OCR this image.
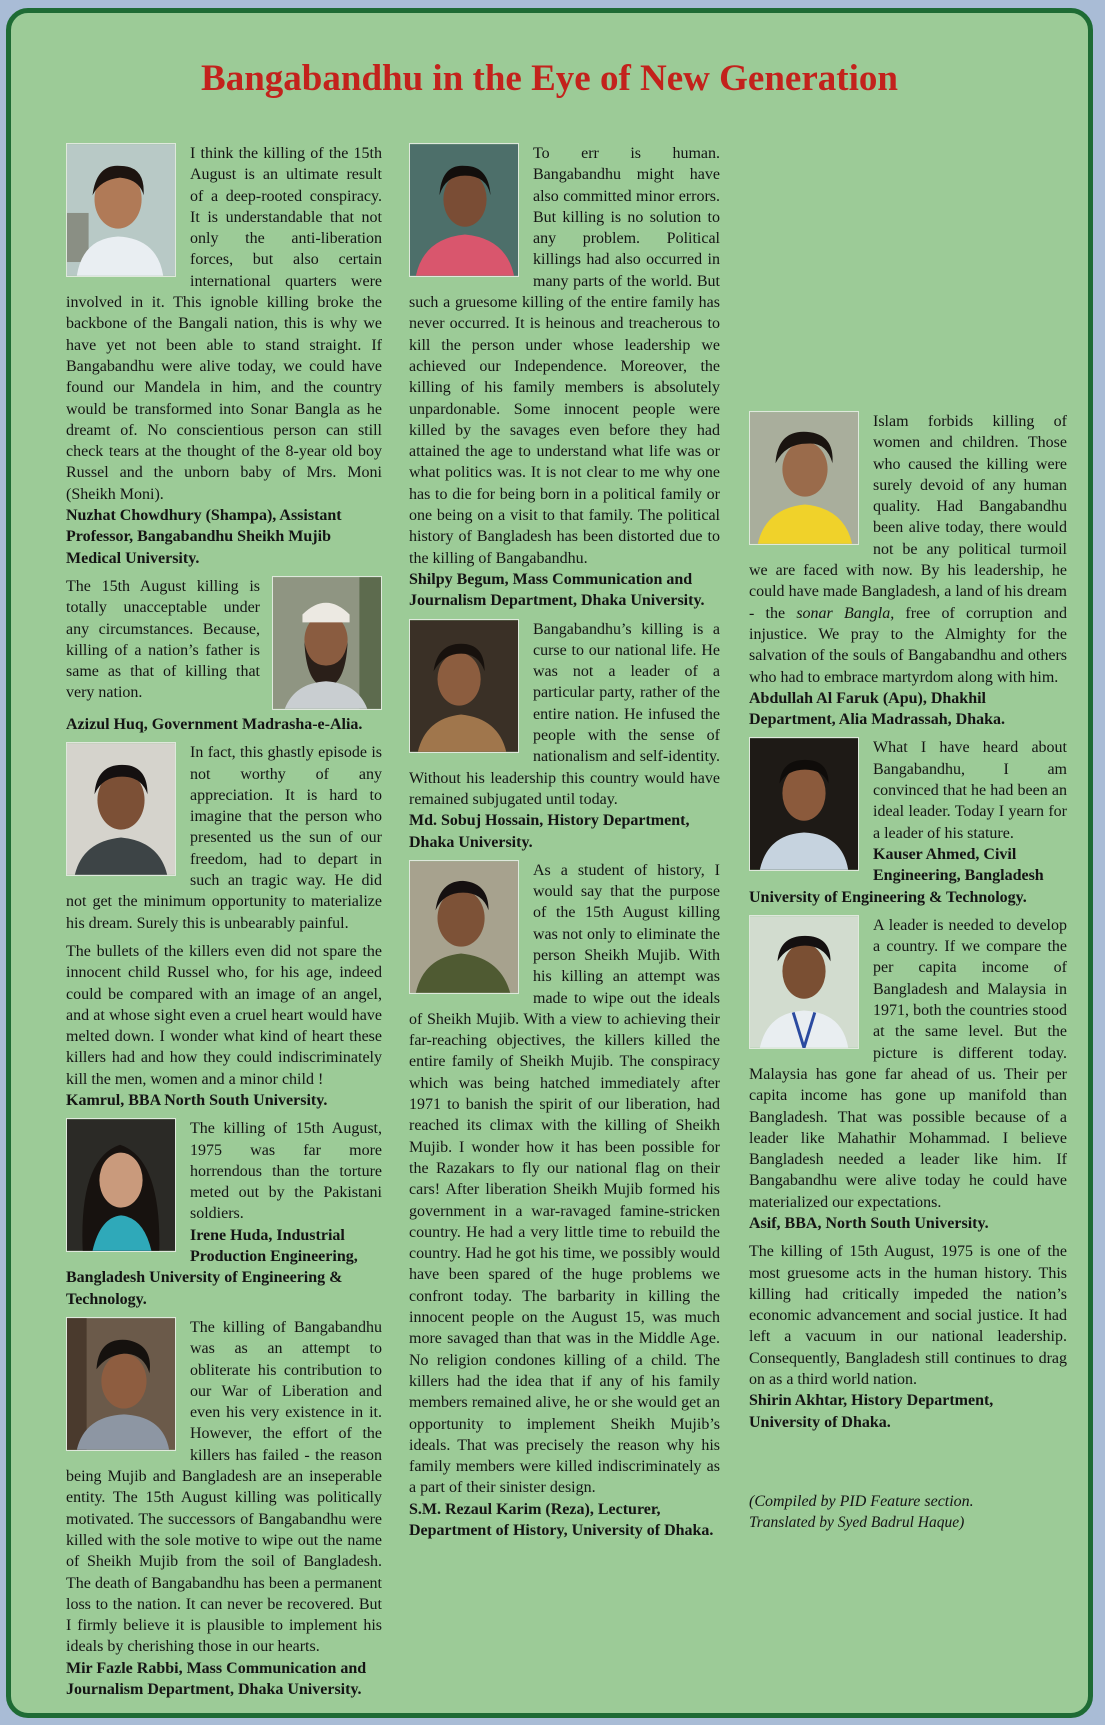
Bangabandhu in the Eye of New Generation

I think the killing of the 15th August is an ultimate result of a deep-rooted conspiracy. It is understandable that not only the anti-liberation forces, but also certain international quarters were involved in it. This ignoble killing broke the backbone of the Bangali nation, this is why we have yet not been able to stand straight. If Bangabandhu were alive today, we could have found our Mandela in him, and the country would be transformed into Sonar Bangla as he dreamt of. No conscientious person can still check tears at the thought of the 8-year old boy Russel and the unborn baby of Mrs. Moni (Sheikh Moni).

Nuzhat Chowdhury (Shampa), Assistant Professor, Bangabandhu Sheikh Mujib Medical University.

The 15th August killing is totally unacceptable under any circumstances. Because, killing of a nation’s father is same as that of killing that very nation.

Azizul Huq, Government Madrasha-e-Alia.

In fact, this ghastly episode is not worthy of any appreciation. It is hard to imagine that the person who presented us the sun of our freedom, had to depart in such an tragic way. He did not get the minimum opportunity to materialize his dream. Surely this is unbearably painful.

The bullets of the killers even did not spare the innocent child Russel who, for his age, indeed could be compared with an image of an angel, and at whose sight even a cruel heart would have melted down. I wonder what kind of heart these killers had and how they could indiscriminately kill the men, women and a minor child !

Kamrul, BBA North South University.

The killing of 15th August, 1975 was far more horrendous than the torture meted out by the Pakistani soldiers.

Irene Huda, Industrial Production Engineering, Bangladesh University of Engineering & Technology.

The killing of Bangabandhu was as an attempt to obliterate his contribution to our War of Liberation and even his very existence in it. However, the effort of the killers has failed - the reason being Mujib and Bangladesh are an inseperable entity. The 15th August killing was politically motivated. The successors of Bangabandhu were killed with the sole motive to wipe out the name of Sheikh Mujib from the soil of Bangladesh. The death of Bangabandhu has been a permanent loss to the nation. It can never be recovered. But I firmly believe it is plausible to implement his ideals by cherishing those in our hearts.

Mir Fazle Rabbi, Mass Communication and Journalism Department, Dhaka University.

To err is human. Bangabandhu might have also committed minor errors. But killing is no solution to any problem. Political killings had also occurred in many parts of the world. But such a gruesome killing of the entire family has never occurred. It is heinous and treacherous to kill the person under whose leadership we achieved our Independence. Moreover, the killing of his family members is absolutely unpardonable. Some innocent people were killed by the savages even before they had attained the age to understand what life was or what politics was. It is not clear to me why one has to die for being born in a political family or one being on a visit to that family. The political history of Bangladesh has been distorted due to the killing of Bangabandhu.

Shilpy Begum, Mass Communication and Journalism Department, Dhaka University.

Bangabandhu’s killing is a curse to our national life. He was not a leader of a particular party, rather of the entire nation. He infused the people with the sense of nationalism and self-identity. Without his leadership this country would have remained subjugated until today.

Md. Sobuj Hossain, History Department, Dhaka University.

As a student of history, I would say that the purpose of the 15th August killing was not only to eliminate the person Sheikh Mujib. With his killing an attempt was made to wipe out the ideals of Sheikh Mujib. With a view to achieving their far-reaching objectives, the killers killed the entire family of Sheikh Mujib. The conspiracy which was being hatched immediately after 1971 to banish the spirit of our liberation, had reached its climax with the killing of Sheikh Mujib. I wonder how it has been possible for the Razakars to fly our national flag on their cars! After liberation Sheikh Mujib formed his government in a war-ravaged famine-stricken country. He had a very little time to rebuild the country. Had he got his time, we possibly would have been spared of the huge problems we confront today. The barbarity in killing the innocent people on the August 15, was much more savaged than that was in the Middle Age. No religion condones killing of a child. The killers had the idea that if any of his family members remained alive, he or she would get an opportunity to implement Sheikh Mujib’s ideals. That was precisely the reason why his family members were killed indiscriminately as a part of their sinister design.

S.M. Rezaul Karim (Reza), Lecturer, Department of History, University of Dhaka.

Islam forbids killing of women and children. Those who caused the killing were surely devoid of any human quality. Had Bangabandhu been alive today, there would not be any political turmoil we are faced with now. By his leadership, he could have made Bangladesh, a land of his dream - the sonar Bangla, free of corruption and injustice. We pray to the Almighty for the salvation of the souls of Bangabandhu and others who had to embrace martyrdom along with him.

Abdullah Al Faruk (Apu), Dhakhil Department, Alia Madrassah, Dhaka.

What I have heard about Bangabandhu, I am convinced that he had been an ideal leader. Today I yearn for a leader of his stature.

Kauser Ahmed, Civil Engineering, Bangladesh University of Engineering & Technology.

A leader is needed to develop a country. If we compare the per capita income of Bangladesh and Malaysia in 1971, both the countries stood at the same level. But the picture is different today. Malaysia has gone far ahead of us. Their per capita income has gone up manifold than Bangladesh. That was possible because of a leader like Mahathir Mohammad. I believe Bangladesh needed a leader like him. If Bangabandhu were alive today he could have materialized our expectations.

Asif, BBA, North South University.

The killing of 15th August, 1975 is one of the most gruesome acts in the human history. This killing had critically impeded the nation’s economic advancement and social justice. It had left a vacuum in our national leadership. Consequently, Bangladesh still continues to drag on as a third world nation.

Shirin Akhtar, History Department, University of Dhaka.

(Compiled by PID Feature section.
Translated by Syed Badrul Haque)
